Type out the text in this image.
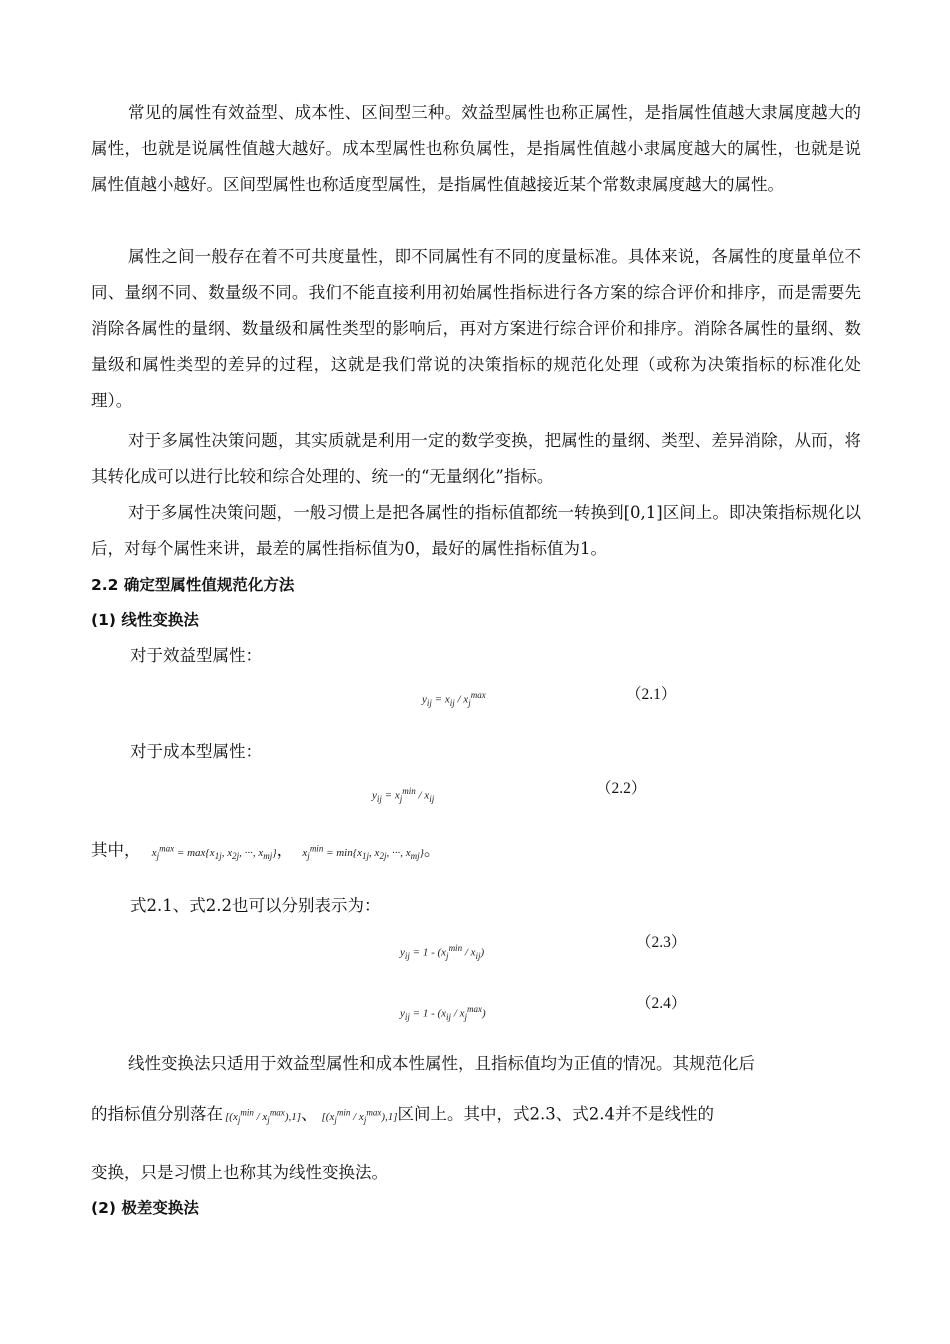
常见的属性有效益型、成本性、区间型三种。效益型属性也称正属性，是指属性值越大隶属度越大的属性，也就是说属性值越大越好。成本型属性也称负属性，是指属性值越小隶属度越大的属性，也就是说属性值越小越好。区间型属性也称适度型属性，是指属性值越接近某个常数隶属度越大的属性。

属性之间一般存在着不可共度量性，即不同属性有不同的度量标准。具体来说，各属性的度量单位不同、量纲不同、数量级不同。我们不能直接利用初始属性指标进行各方案的综合评价和排序，而是需要先消除各属性的量纲、数量级和属性类型的影响后，再对方案进行综合评价和排序。消除各属性的量纲、数量级和属性类型的差异的过程，这就是我们常说的决策指标的规范化处理（或称为决策指标的标准化处理）。

对于多属性决策问题，其实质就是利用一定的数学变换，把属性的量纲、类型、差异消除，从而，将其转化成可以进行比较和综合处理的、统一的“无量纲化”指标。

对于多属性决策问题，一般习惯上是把各属性的指标值都统一转换到[0,1]区间上。即决策指标规化以后，对每个属性来讲，最差的属性指标值为0，最好的属性指标值为1。

2.2 确定型属性值规范化方法
(1) 线性变换法
对于效益型属性：
$y_{ij} = x_{ij} / x_j^{max}$	（2.1）
对于成本型属性：
$y_{ij} = x_j^{min} / x_{ij}$
（2.2）
其中， $x_j^{max} = \max\{x_{1j}$, $x_{2j}$, ···, $x_{mj}$}， $x_j^{min} = \min\{x_{1j}$, $x_{2j}$, ···, $x_{mj}$}。
式2.1、式2.2也可以分别表示为：
$y_{ij} = 1 - (x_j^{min} / x_{ij})$
（2.3）
$y_{ij} = 1 - (x_{ij} / x_j^{max})$
（2.4）

线性变换法只适用于效益型属性和成本性属性，且指标值均为正值的情况。其规范化后

的指标值分别落在 $[(x_j^{min} / x_j^{max}),1]$、 $[(x_j^{min} / x_j^{max}),1]$区间上。其中，式2.3、式2.4并不是线性的
变换，只是习惯上也称其为线性变换法。
(2) 极差变换法
